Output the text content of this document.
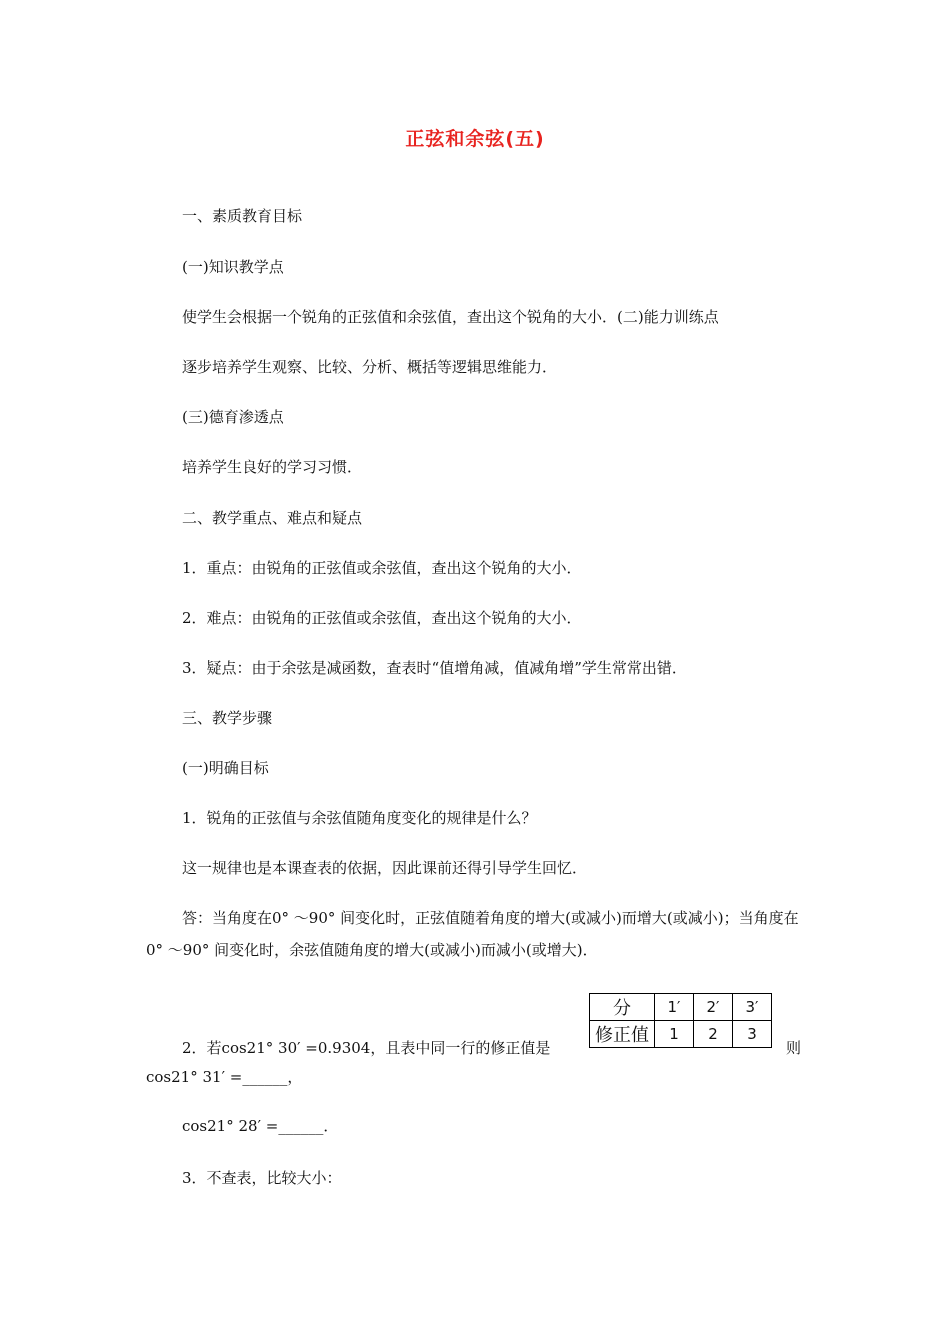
正弦和余弦(五)
一、素质教育目标
(一)知识教学点
使学生会根据一个锐角的正弦值和余弦值，查出这个锐角的大小．(二)能力训练点
逐步培养学生观察、比较、分析、概括等逻辑思维能力．
(三)德育渗透点
培养学生良好的学习习惯．
二、教学重点、难点和疑点
1．重点：由锐角的正弦值或余弦值，查出这个锐角的大小．
2．难点：由锐角的正弦值或余弦值，查出这个锐角的大小．
3．疑点：由于余弦是减函数，查表时“值增角减，值减角增”学生常常出错．
三、教学步骤
(一)明确目标
1．锐角的正弦值与余弦值随角度变化的规律是什么？
这一规律也是本课查表的依据，因此课前还得引导学生回忆．
答：当角度在0° ～90° 间变化时，正弦值随着角度的增大(或减小)而增大(或减小)；当角度在0° ～90° 间变化时，余弦值随角度的增大(或减小)而减小(或增大)．
分	1′	2′	3′
修正值	1	2	3
2．若cos21° 30′ =0.9304，且表中同一行的修正值是	则
cos21° 31′ =______，
cos21° 28′ =______．
3．不查表，比较大小：
